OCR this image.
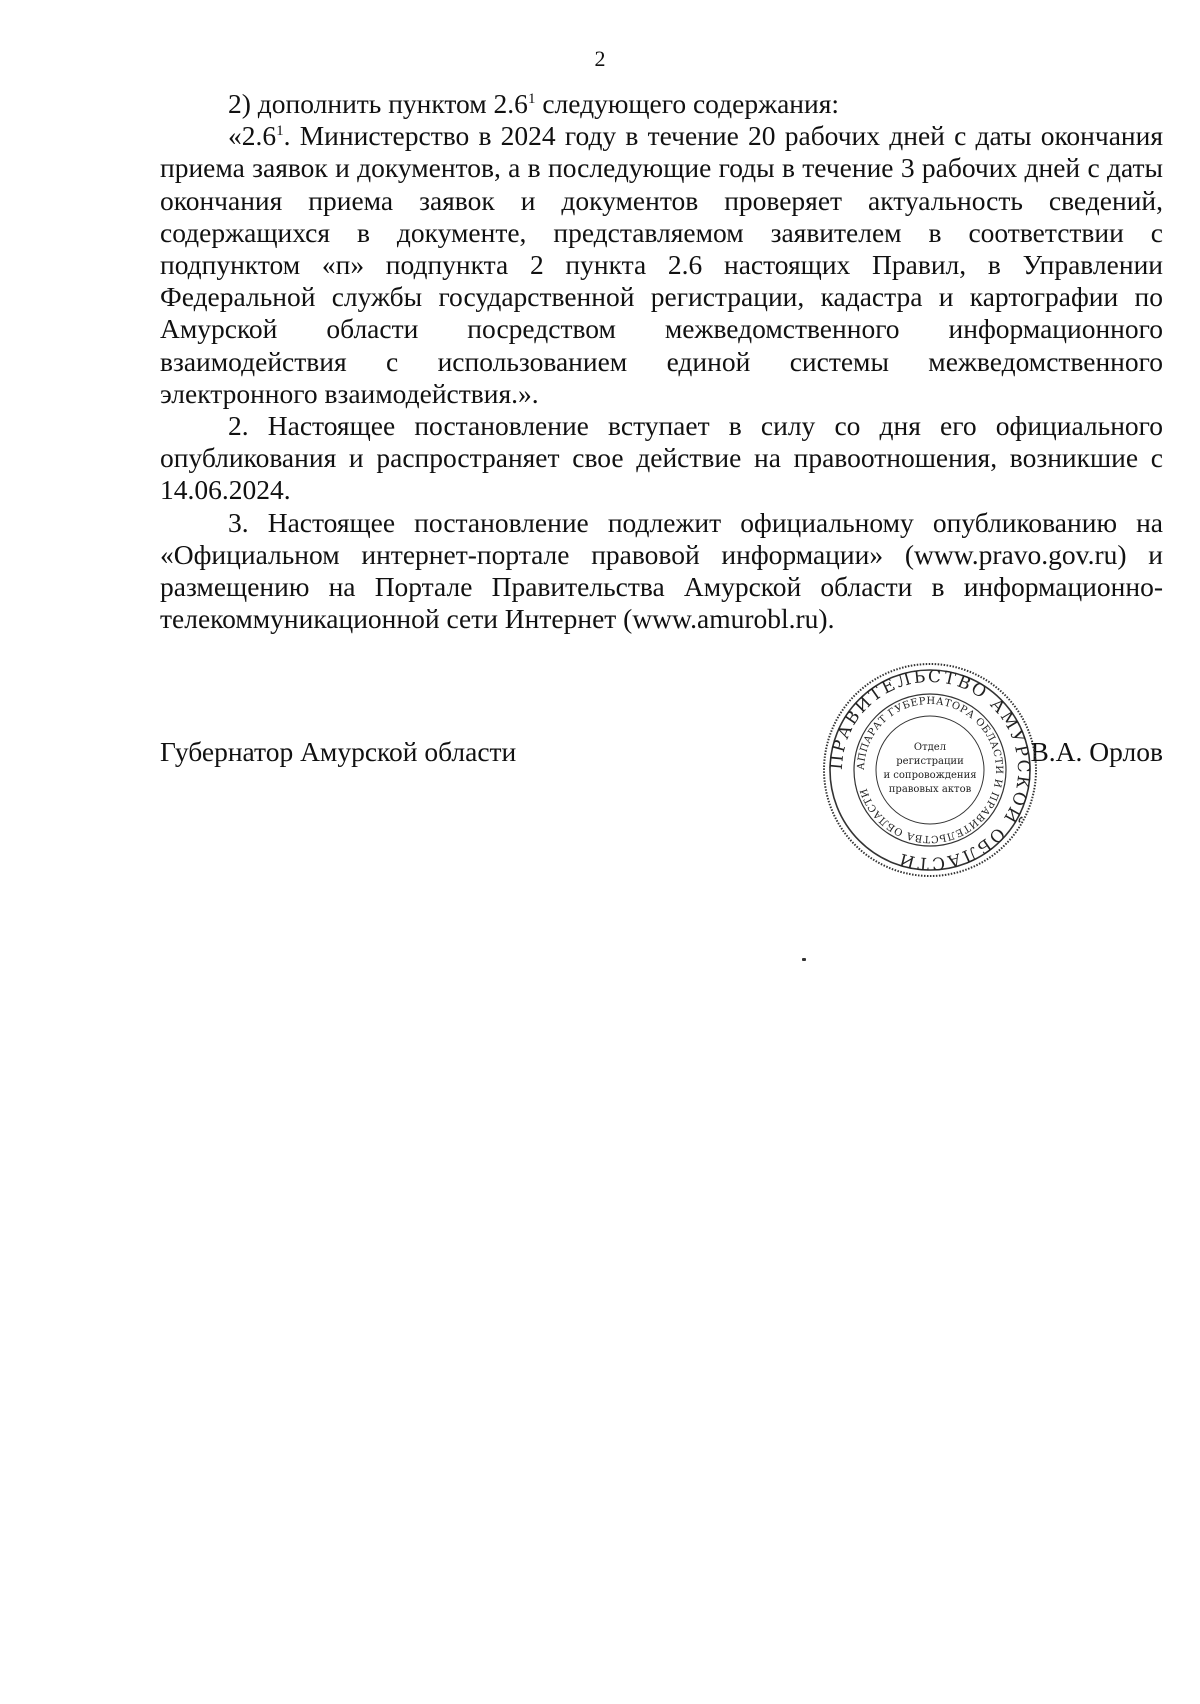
2

2) дополнить пунктом $2.6^1$ следующего содержания:

«$2.6^1$. Министерство в 2024 году в течение 20 рабочих дней с даты окончания приема заявок и документов, а в последующие годы в течение 3 рабочих дней с даты окончания приема заявок и документов проверяет актуальность сведений, содержащихся в документе, представляемом заявителем в соответствии с подпунктом «п» подпункта 2 пункта 2.6 настоящих Правил, в Управлении Федеральной службы государственной регистрации, кадастра и картографии по Амурской области посредством межведомственного информационного взаимодействия с использованием единой системы межведомственного электронного взаимодействия.».

2. Настоящее постановление вступает в силу со дня его официального опубликования и распространяет свое действие на правоотношения, возникшие с 14.06.2024.

3. Настоящее постановление подлежит официальному опубликованию на «Официальном интернет-портале правовой информации» (www.pravo.gov.ru) и размещению на Портале Правительства Амурской области в информационно-телекоммуникационной сети Интернет (www.amurobl.ru).

Губернатор Амурской области	В.А. Орлов
ПРАВИТЕЛЬСТВО АМУРСКОЙ ОБЛАСТИ
АППАРАТ ГУБЕРНАТОРА ОБЛАСТИ И ПРАВИТЕЛЬСТВА ОБЛАСТИ
Отдел
регистрации
и сопровождения
правовых актов
